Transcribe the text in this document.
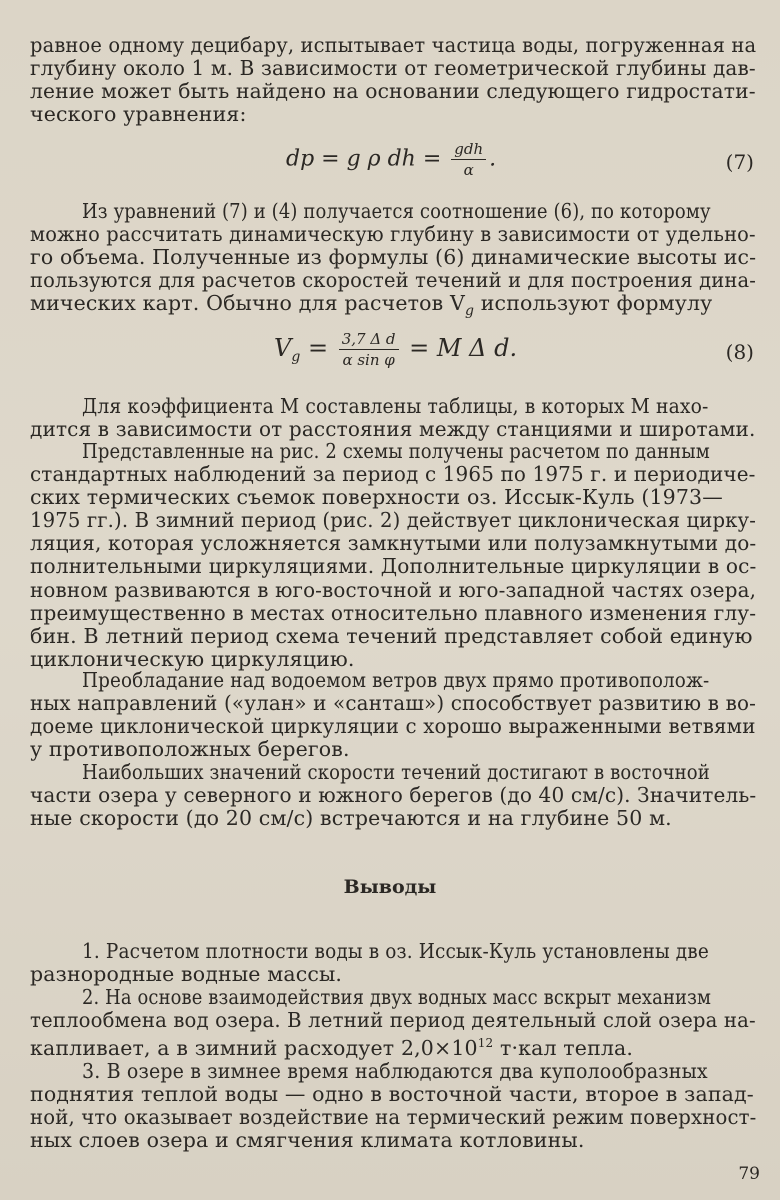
равное одному децибару, испытывает частица воды, погруженная на
глубину около 1 м. В зависимости от геометрической глубины дав-
ление может быть найдено на основании следующего гидростати-
ческого уравнения:
dp = g ρ dh = $\frac{\text{gdh}}{\alpha}$ .	(7)
Из уравнений (7) и (4) получается соотношение (6), по которому
можно рассчитать динамическую глубину в зависимости от удельно-
го объема. Полученные из формулы (6) динамические высоты ис-
пользуются для расчетов скоростей течений и для построения дина-
мических карт. Обычно для расчетов $V_g$ используют формулу
$V_g = \frac{\text{3,7 Δ d}}{\text{α sin φ}} = M$ Δ d.	(8)
Для коэффициента М составлены таблицы, в которых М нахо-
дится в зависимости от расстояния между станциями и широтами.
Представленные на рис. 2 схемы получены расчетом по данным
стандартных наблюдений за период с 1965 по 1975 г. и периодиче-
ских термических съемок поверхности оз. Иссык-Куль (1973—
1975 гг.). В зимний период (рис. 2) действует циклоническая цирку-
ляция, которая усложняется замкнутыми или полузамкнутыми до-
полнительными циркуляциями. Дополнительные циркуляции в ос-
новном развиваются в юго-восточной и юго-западной частях озера,
преимущественно в местах относительно плавного изменения глу-
бин. В летний период схема течений представляет собой единую
циклоническую циркуляцию.
Преобладание над водоемом ветров двух прямо противополож-
ных направлений («улан» и «санташ») способствует развитию в во-
доеме циклонической циркуляции с хорошо выраженными ветвями
у противоположных берегов.
Наибольших значений скорости течений достигают в восточной
части озера у северного и южного берегов (до 40 см/с). Значитель-
ные скорости (до 20 см/с) встречаются и на глубине 50 м.
Выводы
1. Расчетом плотности воды в оз. Иссык-Куль установлены две
разнородные водные массы.
2. На основе взаимодействия двух водных масс вскрыт механизм
теплообмена вод озера. В летний период деятельный слой озера на-
капливает, а в зимний расходует $2,0\times 10^{12}$ т·кал тепла.
3. В озере в зимнее время наблюдаются два куполообразных
поднятия теплой воды — одно в восточной части, второе в запад-
ной, что оказывает воздействие на термический режим поверхност-
ных слоев озера и смягчения климата котловины.
79
